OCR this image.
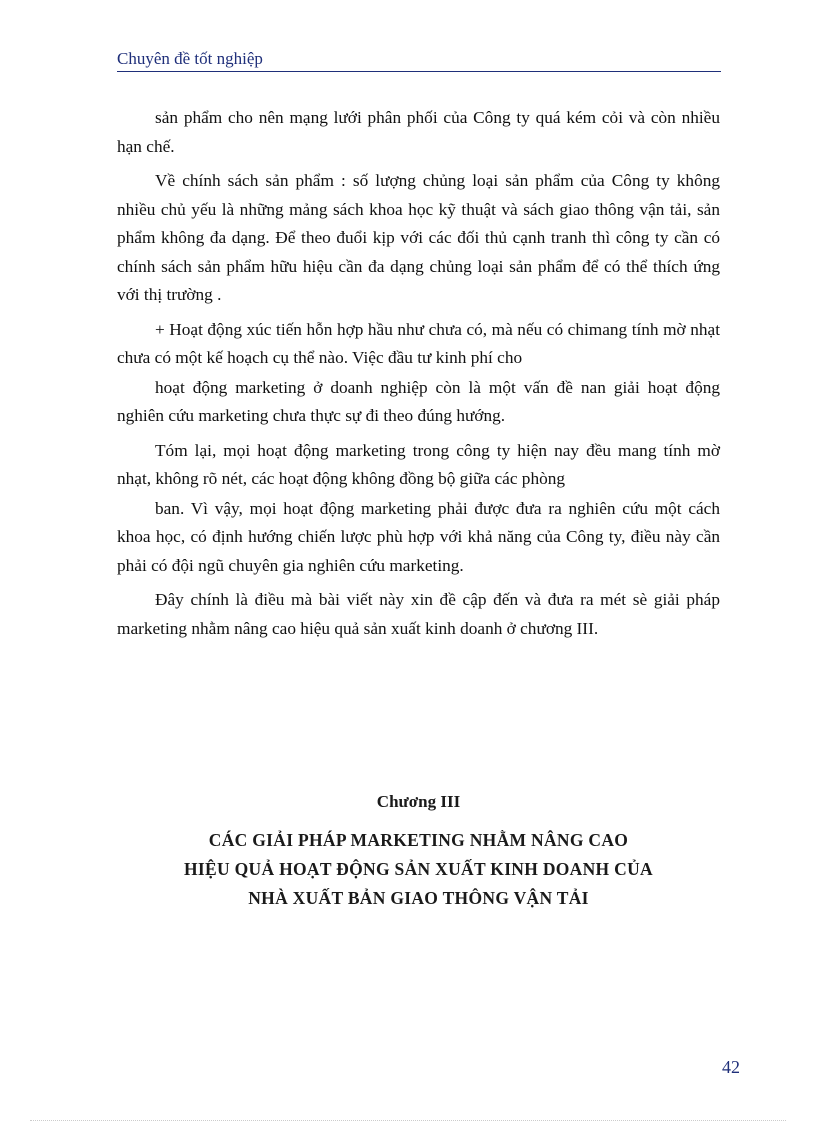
Chuyên đề tốt nghiệp

sản phẩm cho nên mạng lưới phân phối của Công ty quá kém cỏi và còn nhiều hạn chế.

Về chính sách sản phẩm : số lượng chủng loại sản phẩm của Công ty không nhiều chủ yếu là những mảng sách khoa học kỹ thuật và sách giao thông vận tải, sản phẩm không đa dạng. Để theo đuổi kịp với các đối thủ cạnh tranh thì công ty cần có chính sách sản phẩm hữu hiệu cần đa dạng chủng loại sản phẩm để có thể thích ứng với thị trường .

+ Hoạt động xúc tiến hỗn hợp hầu như chưa có, mà nếu có chimang tính mờ nhạt chưa có một kế hoạch cụ thể nào. Việc đầu tư kinh phí cho

hoạt động marketing ở doanh nghiệp còn là một vấn đề nan giải hoạt động nghiên cứu marketing chưa thực sự đi theo đúng hướng.

Tóm lại, mọi hoạt động marketing trong công ty hiện nay đều mang tính mờ nhạt, không rõ nét, các hoạt động không đồng bộ giữa các phòng

ban. Vì vậy, mọi hoạt động marketing phải được đưa ra nghiên cứu một cách khoa học, có định hướng chiến lược phù hợp với khả năng của Công ty, điều này cần phải có đội ngũ chuyên gia nghiên cứu marketing.

Đây chính là điều mà bài viết này xin đề cập đến và đưa ra mét sè giải pháp marketing nhằm nâng cao hiệu quả sản xuất kinh doanh ở chương III.

Chương III
CÁC GIẢI PHÁP MARKETING NHẰM NÂNG CAO
HIỆU QUẢ HOẠT ĐỘNG SẢN XUẤT KINH DOANH CỦA
NHÀ XUẤT BẢN GIAO THÔNG VẬN TẢI
42
